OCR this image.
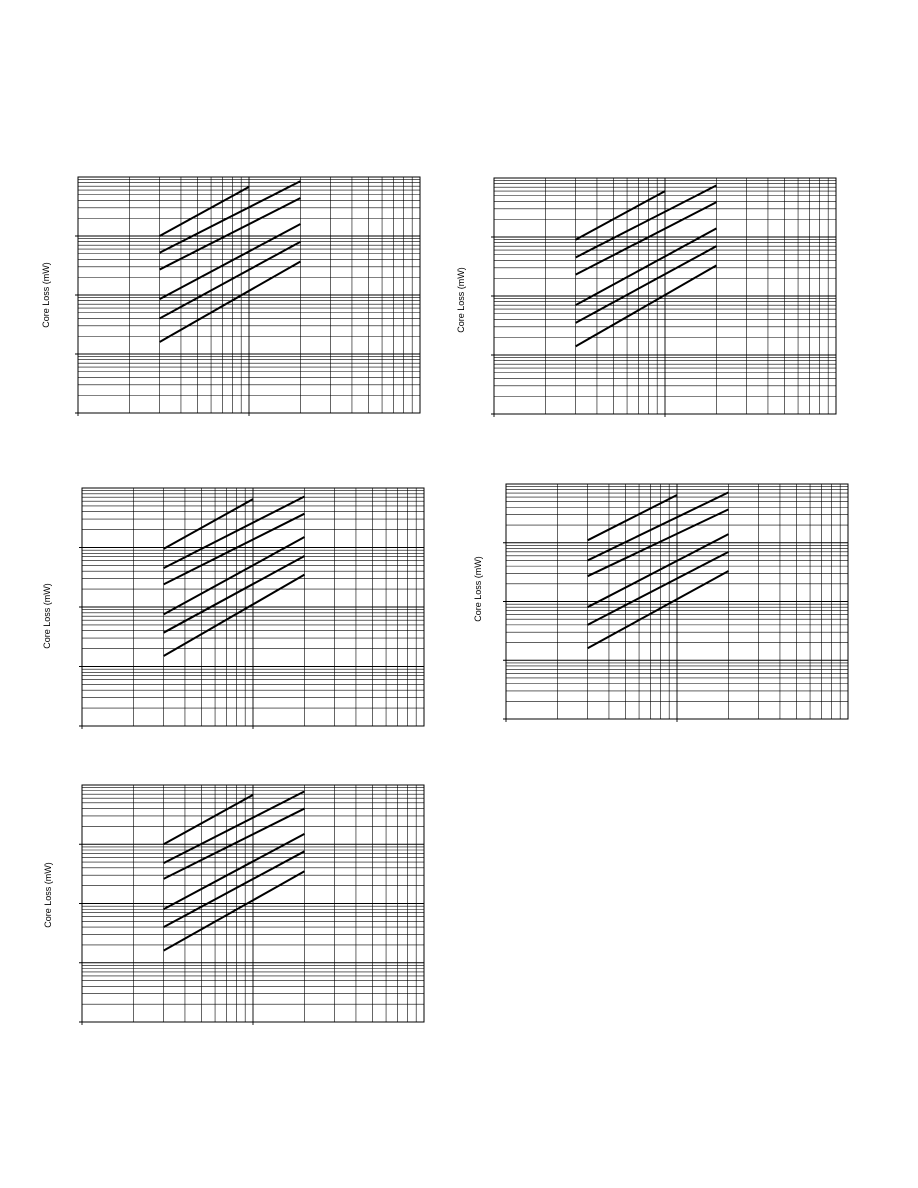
Core Loss (mW)	Core Loss (mW)
Core Loss (mW)	Core Loss (mW)
Core Loss (mW)
